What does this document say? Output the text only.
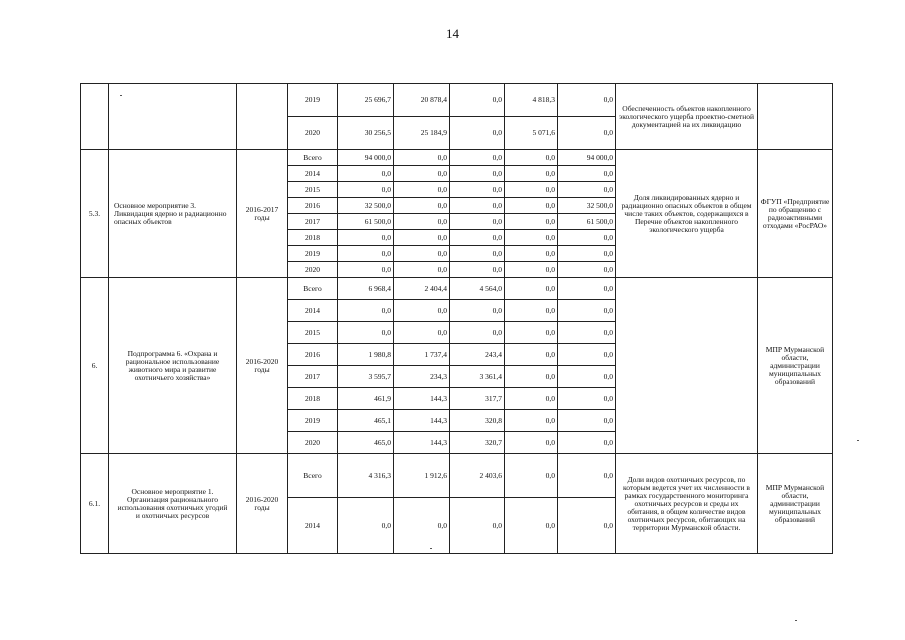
14
			2019	25 696,7	20 878,4	0,0	4 818,3	0,0	Обеспеченность объектов накопленного экологического ущерба проектно-сметной документацией на их ликвидацию	
			2020	30 256,5	25 184,9	0,0	5 071,6	0,0		
5.3.	Основное мероприятие 3. Ликвидация ядерно и радиационно опасных объектов	2016-2017 годы	Всего	94 000,0	0,0	0,0	0,0	94 000,0	Доля ликвидированных ядерно и радиационно опасных объектов в общем числе таких объектов, содержащихся в Перечне объектов накопленного экологического ущерба	ФГУП «Предприятие по обращению с радиоактивными отходами «РосРАО»
			2014	0,0	0,0	0,0	0,0	0,0		
			2015	0,0	0,0	0,0	0,0	0,0		
			2016	32 500,0	0,0	0,0	0,0	32 500,0		
			2017	61 500,0	0,0	0,0	0,0	61 500,0		
			2018	0,0	0,0	0,0	0,0	0,0		
			2019	0,0	0,0	0,0	0,0	0,0		
			2020	0,0	0,0	0,0	0,0	0,0		
6.	Подпрограмма 6. «Охрана и рациональное использование животного мира и развитие охотничьего хозяйства»	2016-2020 годы	Всего	6 968,4	2 404,4	4 564,0	0,0	0,0		МПР Мурманской области, администрации муниципальных образований
			2014	0,0	0,0	0,0	0,0	0,0		
			2015	0,0	0,0	0,0	0,0	0,0		
			2016	1 980,8	1 737,4	243,4	0,0	0,0		
			2017	3 595,7	234,3	3 361,4	0,0	0,0		
			2018	461,9	144,3	317,7	0,0	0,0		
			2019	465,1	144,3	320,8	0,0	0,0		
			2020	465,0	144,3	320,7	0,0	0,0		
6.1.	Основное мероприятие 1. Организация рационального использования охотничьих угодий и охотничьих ресурсов	2016-2020 годы	Всего	4 316,3	1 912,6	2 403,6	0,0	0,0	Доли видов охотничьих ресурсов, по которым ведется учет их численности в рамках государственного мониторинга охотничьих ресурсов и среды их обитания, в общем количестве видов охотничьих ресурсов, обитающих на территории Мурманской области.	МПР Мурманской области, администрации муниципальных образований
			2014	0,0	0,0	0,0	0,0	0,0		
